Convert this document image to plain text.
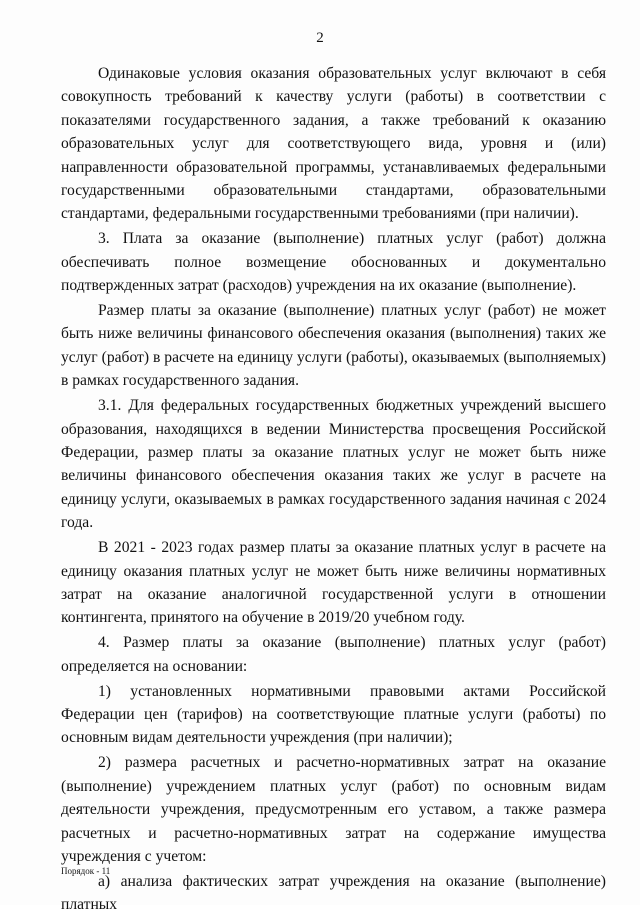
2

Одинаковые условия оказания образовательных услуг включают в себя совокупность требований к качеству услуги (работы) в соответствии с показателями государственного задания, а также требований к оказанию образовательных услуг для соответствующего вида, уровня и (или) направленности образовательной программы, устанавливаемых федеральными государственными образовательными стандартами, образовательными стандартами, федеральными государственными требованиями (при наличии).

3. Плата за оказание (выполнение) платных услуг (работ) должна обеспечивать полное возмещение обоснованных и документально подтвержденных затрат (расходов) учреждения на их оказание (выполнение).

Размер платы за оказание (выполнение) платных услуг (работ) не может быть ниже величины финансового обеспечения оказания (выполнения) таких же услуг (работ) в расчете на единицу услуги (работы), оказываемых (выполняемых) в рамках государственного задания.

3.1. Для федеральных государственных бюджетных учреждений высшего образования, находящихся в ведении Министерства просвещения Российской Федерации, размер платы за оказание платных услуг не может быть ниже величины финансового обеспечения оказания таких же услуг в расчете на единицу услуги, оказываемых в рамках государственного задания начиная с 2024 года.

В 2021 - 2023 годах размер платы за оказание платных услуг в расчете на единицу оказания платных услуг не может быть ниже величины нормативных затрат на оказание аналогичной государственной услуги в отношении контингента, принятого на обучение в 2019/20 учебном году.

4. Размер платы за оказание (выполнение) платных услуг (работ) определяется на основании:

1) установленных нормативными правовыми актами Российской Федерации цен (тарифов) на соответствующие платные услуги (работы) по основным видам деятельности учреждения (при наличии);

2) размера расчетных и расчетно-нормативных затрат на оказание (выполнение) учреждением платных услуг (работ) по основным видам деятельности учреждения, предусмотренным его уставом, а также размера расчетных и расчетно-нормативных затрат на содержание имущества учреждения с учетом:

а) анализа фактических затрат учреждения на оказание (выполнение) платных

Порядок - 11
